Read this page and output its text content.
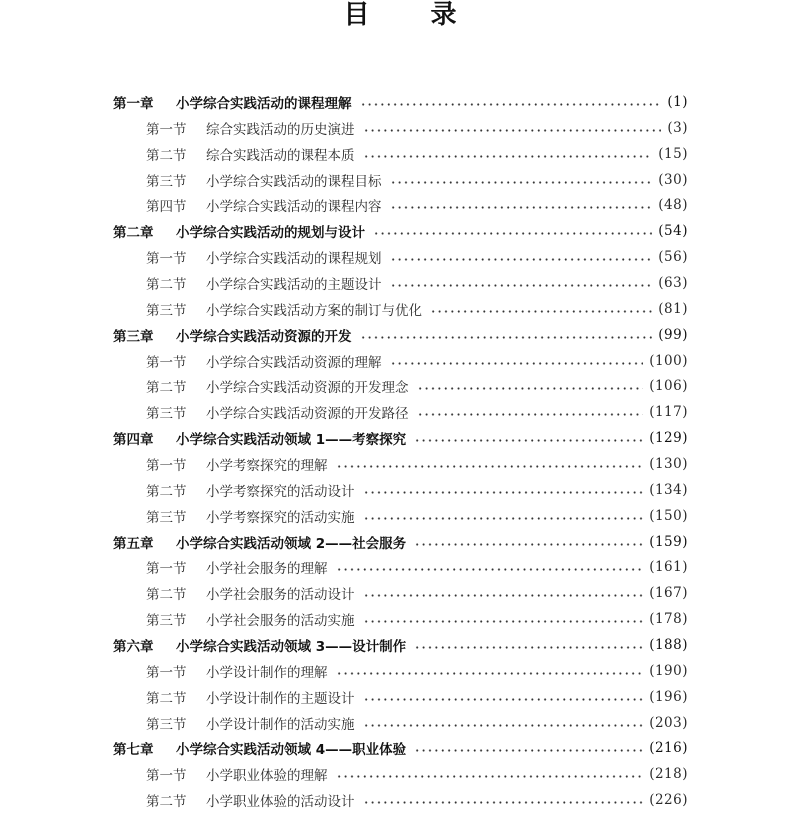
目 录
第一章	小学综合实践活动的课程理解	(1)
第一节	综合实践活动的历史演进	(3)
第二节	综合实践活动的课程本质	(15)
第三节	小学综合实践活动的课程目标	(30)
第四节	小学综合实践活动的课程内容	(48)
第二章	小学综合实践活动的规划与设计	(54)
第一节	小学综合实践活动的课程规划	(56)
第二节	小学综合实践活动的主题设计	(63)
第三节	小学综合实践活动方案的制订与优化	(81)
第三章	小学综合实践活动资源的开发	(99)
第一节	小学综合实践活动资源的理解	(100)
第二节	小学综合实践活动资源的开发理念	(106)
第三节	小学综合实践活动资源的开发路径	(117)
第四章	小学综合实践活动领域 1——考察探究	(129)
第一节	小学考察探究的理解	(130)
第二节	小学考察探究的活动设计	(134)
第三节	小学考察探究的活动实施	(150)
第五章	小学综合实践活动领域 2——社会服务	(159)
第一节	小学社会服务的理解	(161)
第二节	小学社会服务的活动设计	(167)
第三节	小学社会服务的活动实施	(178)
第六章	小学综合实践活动领域 3——设计制作	(188)
第一节	小学设计制作的理解	(190)
第二节	小学设计制作的主题设计	(196)
第三节	小学设计制作的活动实施	(203)
第七章	小学综合实践活动领域 4——职业体验	(216)
第一节	小学职业体验的理解	(218)
第二节	小学职业体验的活动设计	(226)
